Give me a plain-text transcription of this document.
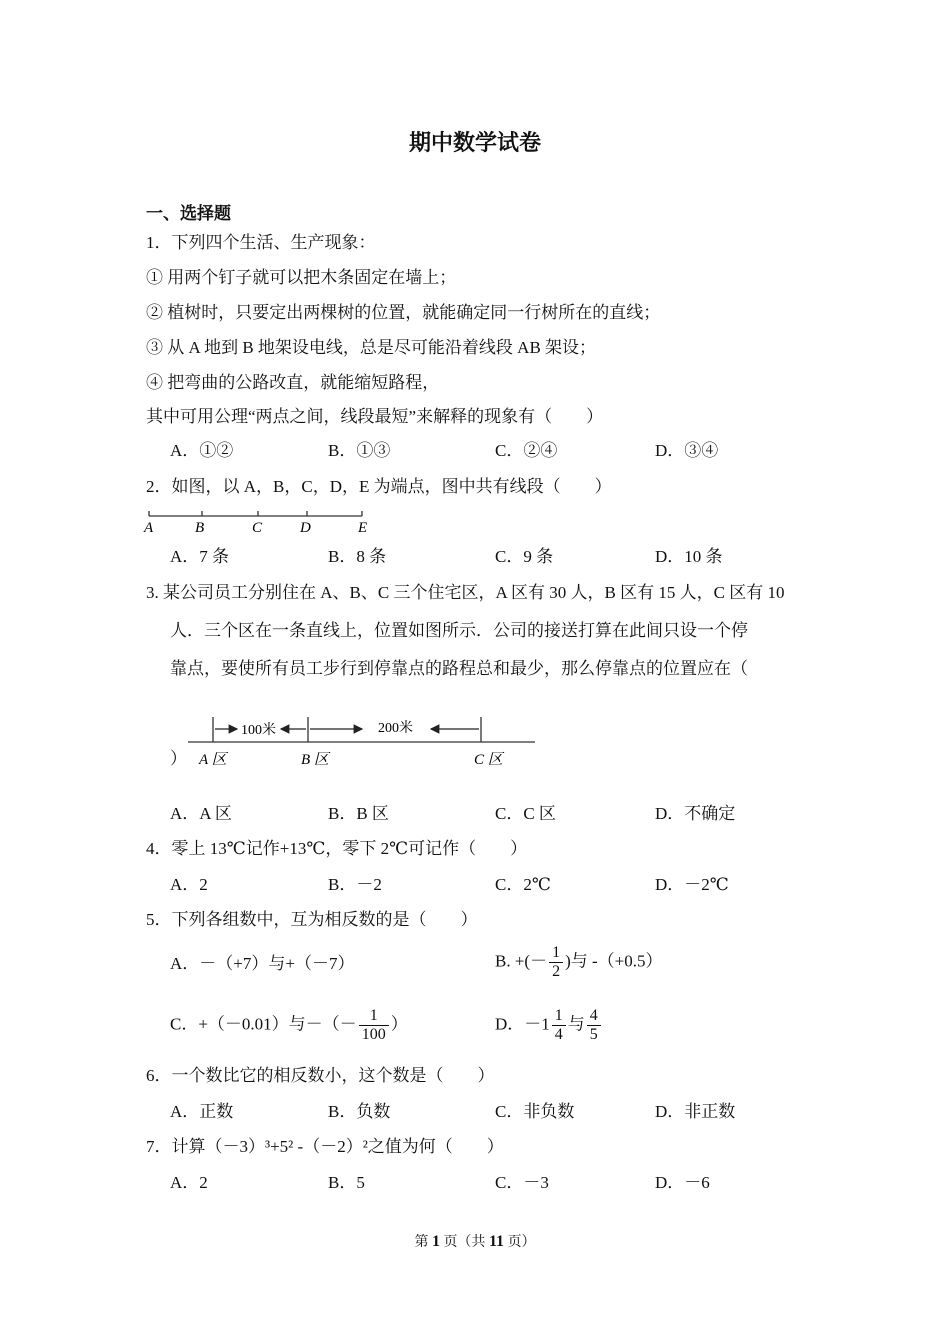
期中数学试卷
一、选择题
1．下列四个生活、生产现象：
① 用两个钉子就可以把木条固定在墙上；
② 植树时，只要定出两棵树的位置，就能确定同一行树所在的直线；
③ 从 A 地到 B 地架设电线，总是尽可能沿着线段 AB 架设；
④ 把弯曲的公路改直，就能缩短路程，
其中可用公理“两点之间，线段最短”来解释的现象有（　　）
A．①②	B．①③	C．②④	D．③④
2．如图，以 A，B，C，D，E 为端点，图中共有线段（　　）
A	B	C	D	E
A．7 条	B．8 条	C．9 条	D．10 条
3. 某公司员工分别住在 A、B、C 三个住宅区，A 区有 30 人，B 区有 15 人，C 区有 10
人．三个区在一条直线上，位置如图所示．公司的接送打算在此间只设一个停
靠点，要使所有员工步行到停靠点的路程总和最少，那么停靠点的位置应在（
100米	200米
A 区	B 区	C 区
）
A．A 区	B．B 区	C．C 区	D．不确定
4．零上 13℃记作+13℃，零下 2℃可记作（　　）
A．2	B．－2	C．2℃	D．－2℃
5．下列各组数中，互为相反数的是（　　）
A．－（+7）与+（－7）	B. +(－ $\frac{1}{2}$ )与 -（+0.5）
C．+（－0.01）与－（－ $\frac{1}{100}$ ）	D．$-1 \frac{1}{4}$ 与 $\frac{4}{5}$
6．一个数比它的相反数小，这个数是（　　）
A．正数	B．负数	C．非负数	D．非正数
7．计算（－3）³+5² -（－2）²之值为何（　　）
A．2	B．5	C．－3	D．－6
第 1 页（共 11 页）
